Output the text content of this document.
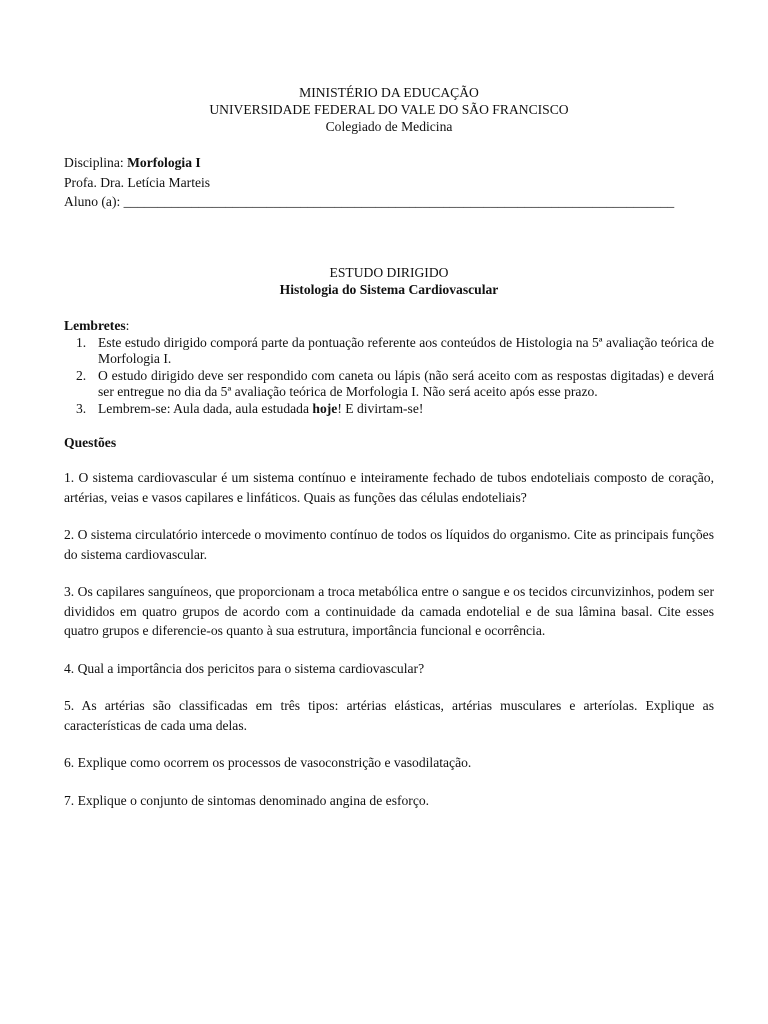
MINISTÉRIO DA EDUCAÇÃO
UNIVERSIDADE FEDERAL DO VALE DO SÃO FRANCISCO
Colegiado de Medicina
Disciplina: Morfologia I
Profa. Dra. Letícia Marteis
Aluno (a): _________________________________________________________________________________
ESTUDO DIRIGIDO
Histologia do Sistema Cardiovascular
Lembretes:
1. Este estudo dirigido comporá parte da pontuação referente aos conteúdos de Histologia na 5ª avaliação teórica de Morfologia I.
2. O estudo dirigido deve ser respondido com caneta ou lápis (não será aceito com as respostas digitadas) e deverá ser entregue no dia da 5ª avaliação teórica de Morfologia I. Não será aceito após esse prazo.
3. Lembrem-se: Aula dada, aula estudada hoje! E divirtam-se!
Questões
1. O sistema cardiovascular é um sistema contínuo e inteiramente fechado de tubos endoteliais composto de coração, artérias, veias e vasos capilares e linfáticos. Quais as funções das células endoteliais?
2. O sistema circulatório intercede o movimento contínuo de todos os líquidos do organismo. Cite as principais funções do sistema cardiovascular.
3. Os capilares sanguíneos, que proporcionam a troca metabólica entre o sangue e os tecidos circunvizinhos, podem ser divididos em quatro grupos de acordo com a continuidade da camada endotelial e de sua lâmina basal. Cite esses quatro grupos e diferencie-os quanto à sua estrutura, importância funcional e ocorrência.
4. Qual a importância dos pericitos para o sistema cardiovascular?
5. As artérias são classificadas em três tipos: artérias elásticas, artérias musculares e arteríolas. Explique as características de cada uma delas.
6. Explique como ocorrem os processos de vasoconstrição e vasodilatação.
7. Explique o conjunto de sintomas denominado angina de esforço.
